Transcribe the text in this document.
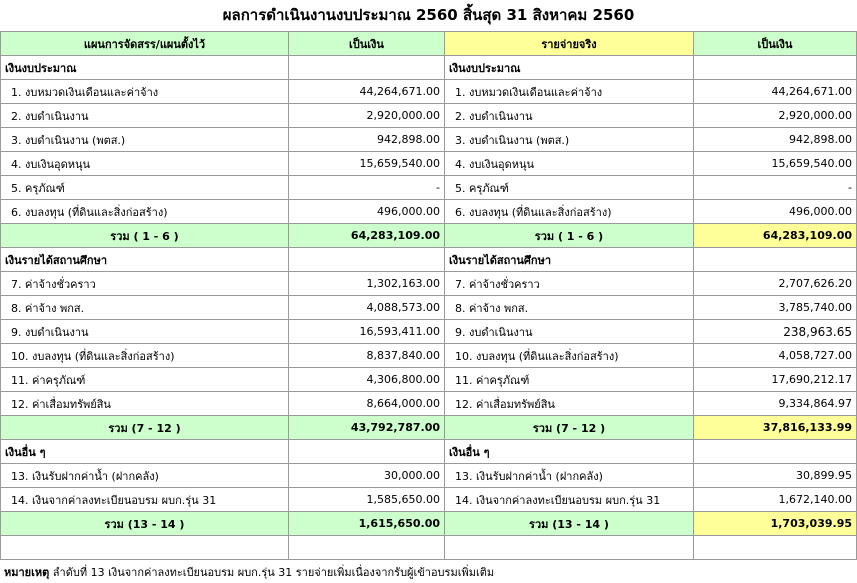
ผลการดำเนินงานงบประมาณ 2560 สิ้นสุด 31 สิงหาคม 2560
แผนการจัดสรร/แผนตั้งไว้	เป็นเงิน	รายจ่ายจริง	เป็นเงิน
เงินงบประมาณ		เงินงบประมาณ	
1. งบหมวดเงินเดือนและค่าจ้าง	44,264,671.00	1. งบหมวดเงินเดือนและค่าจ้าง	44,264,671.00
2. งบดำเนินงาน	2,920,000.00	2. งบดำเนินงาน	2,920,000.00
3. งบดำเนินงาน (พตส.)	942,898.00	3. งบดำเนินงาน (พตส.)	942,898.00
4. งบเงินอุดหนุน	15,659,540.00	4. งบเงินอุดหนุน	15,659,540.00
5. ครุภัณฑ์	-	5. ครุภัณฑ์	-
6. งบลงทุน (ที่ดินและสิ่งก่อสร้าง)	496,000.00	6. งบลงทุน (ที่ดินและสิ่งก่อสร้าง)	496,000.00
รวม ( 1 - 6 )	64,283,109.00	รวม ( 1 - 6 )	64,283,109.00
เงินรายได้สถานศึกษา		เงินรายได้สถานศึกษา	
7. ค่าจ้างชั่วคราว	1,302,163.00	7. ค่าจ้างชั่วคราว	2,707,626.20
8. ค่าจ้าง พกส.	4,088,573.00	8. ค่าจ้าง พกส.	3,785,740.00
9. งบดำเนินงาน	16,593,411.00	9. งบดำเนินงาน	238,963.65
10. งบลงทุน (ที่ดินและสิ่งก่อสร้าง)	8,837,840.00	10. งบลงทุน (ที่ดินและสิ่งก่อสร้าง)	4,058,727.00
11. ค่าครุภัณฑ์	4,306,800.00	11. ค่าครุภัณฑ์	17,690,212.17
12. ค่าเสื่อมทรัพย์สิน	8,664,000.00	12. ค่าเสื่อมทรัพย์สิน	9,334,864.97
รวม (7 - 12 )	43,792,787.00	รวม (7 - 12 )	37,816,133.99
เงินอื่น ๆ		เงินอื่น ๆ	
13. เงินรับฝากค่าน้ำ (ฝากคลัง)	30,000.00	13. เงินรับฝากค่าน้ำ (ฝากคลัง)	30,899.95
14. เงินจากค่าลงทะเบียนอบรม ผบก.รุ่น 31	1,585,650.00	14. เงินจากค่าลงทะเบียนอบรม ผบก.รุ่น 31	1,672,140.00
รวม (13 - 14 )	1,615,650.00	รวม (13 - 14 )	1,703,039.95

หมายเหตุ ลำดับที่ 13 เงินจากค่าลงทะเบียนอบรม ผบก.รุ่น 31 รายจ่ายเพิ่มเนื่องจากรับผู้เข้าอบรมเพิ่มเติม
